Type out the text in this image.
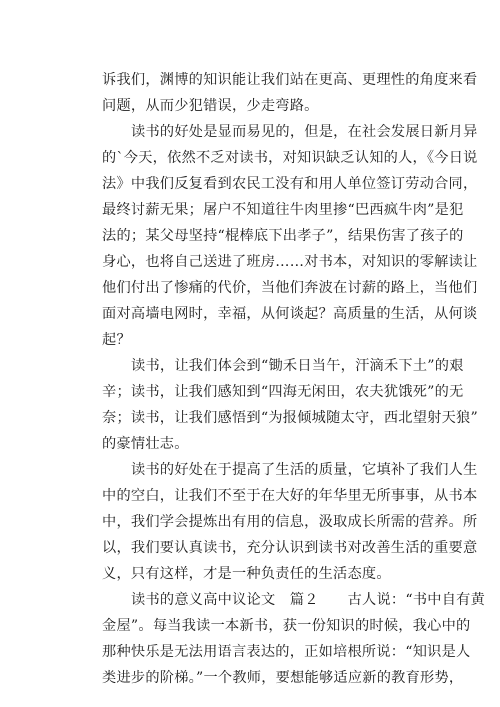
诉我们，渊博的知识能让我们站在更高、更理性的角度来看
问题，从而少犯错误，少走弯路。
读书的好处是显而易见的，但是，在社会发展日新月异
的`今天，依然不乏对读书，对知识缺乏认知的人，《今日说
法》中我们反复看到农民工没有和用人单位签订劳动合同，
最终讨薪无果；屠户不知道往牛肉里掺“巴西疯牛肉”是犯
法的；某父母坚持“棍棒底下出孝子”，结果伤害了孩子的
身心，也将自己送进了班房……对书本，对知识的零解读让
他们付出了惨痛的代价，当他们奔波在讨薪的路上，当他们
面对高墙电网时，幸福，从何谈起？高质量的生活，从何谈
起？
读书，让我们体会到“锄禾日当午，汗滴禾下土”的艰
辛；读书，让我们感知到“四海无闲田，农夫犹饿死”的无
奈；读书，让我们感悟到“为报倾城随太守，西北望射天狼”
的豪情壮志。
读书的好处在于提高了生活的质量，它填补了我们人生
中的空白，让我们不至于在大好的年华里无所事事，从书本
中，我们学会提炼出有用的信息，汲取成长所需的营养。所
以，我们要认真读书，充分认识到读书对改善生活的重要意
义，只有这样，才是一种负责任的生活态度。
读书的意义高中议论文　篇２　　古人说：“书中自有黄
金屋”。每当我读一本新书，获一份知识的时候，我心中的
那种快乐是无法用语言表达的，正如培根所说：“知识是人
类进步的阶梯。”一个教师，要想能够适应新的教育形势，
